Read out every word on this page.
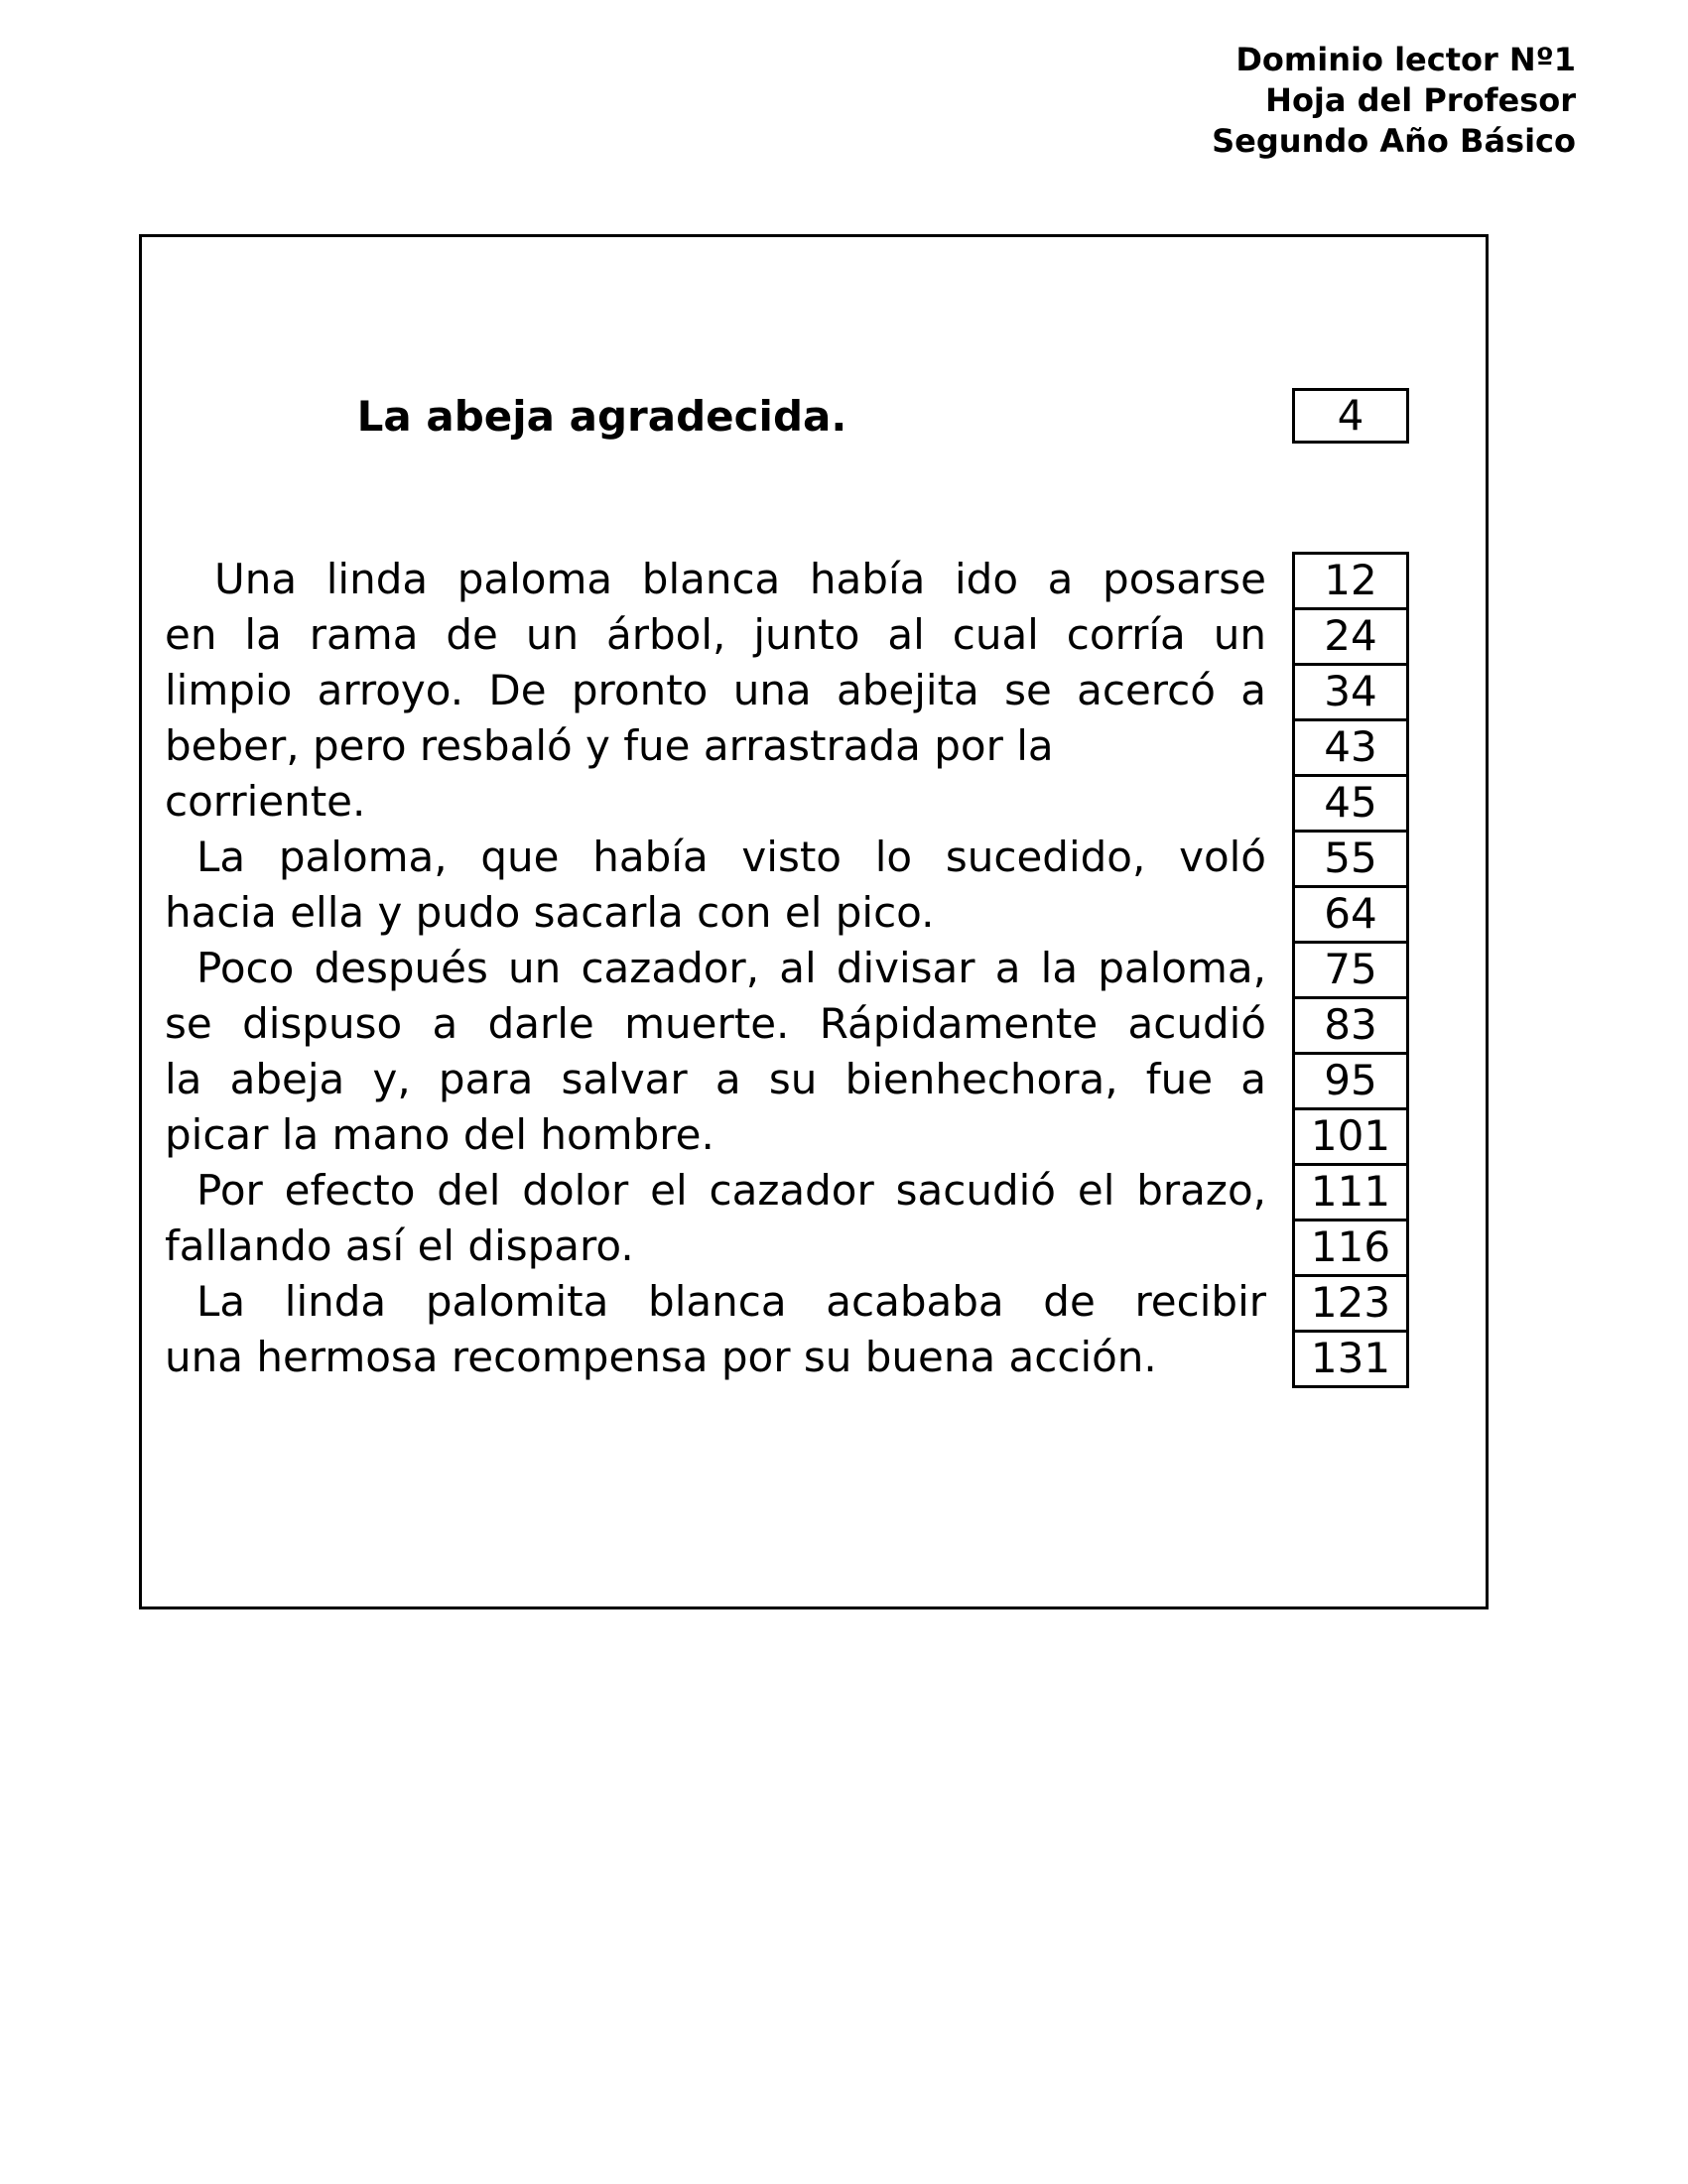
Dominio lector Nº1
Hoja del Profesor
Segundo Año Básico
La abeja agradecida.	4
Una linda paloma blanca había ido a posarse
en la rama de un árbol, junto al cual corría un
limpio arroyo. De pronto una abejita se acercó a
beber, pero resbaló y fue arrastrada por la
corriente.
La paloma, que había visto lo sucedido, voló
hacia ella y pudo sacarla con el pico.
Poco después un cazador, al divisar a la paloma,
se dispuso a darle muerte. Rápidamente acudió
la abeja y, para salvar a su bienhechora, fue a
picar la mano del hombre.
Por efecto del dolor el cazador sacudió el brazo,
fallando así el disparo.
La linda palomita blanca acababa de recibir
una hermosa recompensa por su buena acción.
12
24
34
43
45
55
64
75
83
95
101
111
116
123
131
